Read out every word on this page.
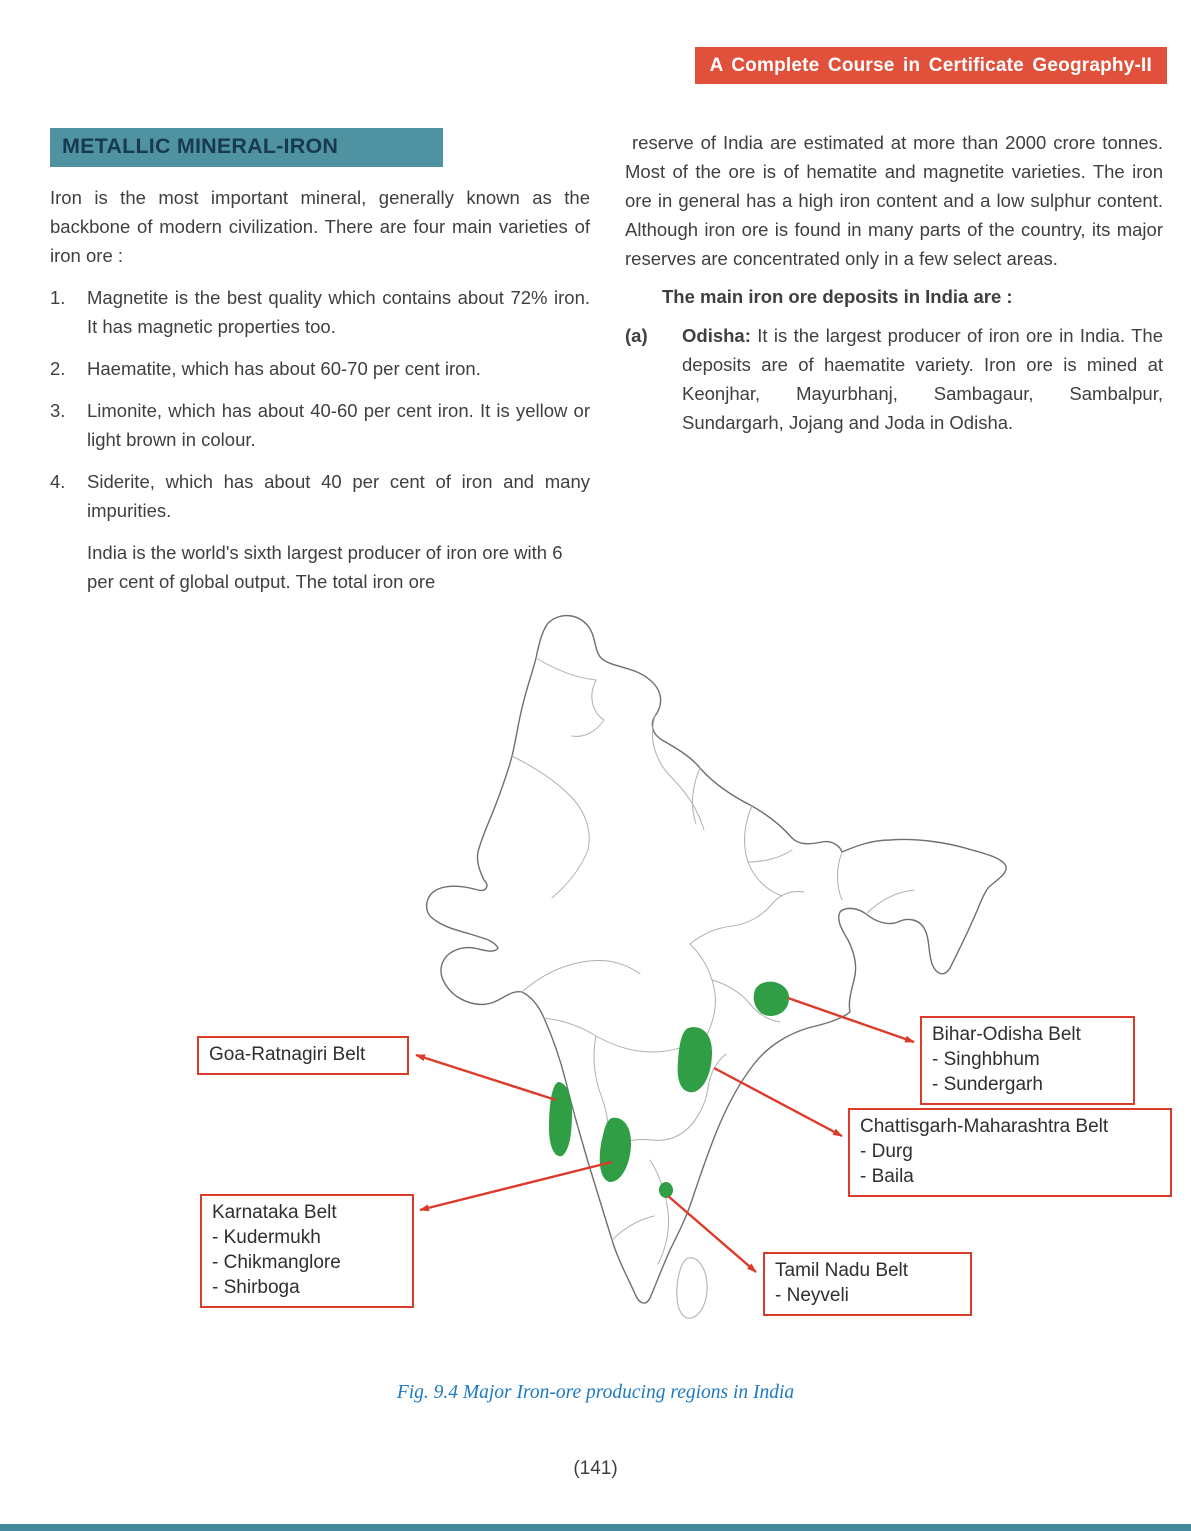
A Complete Course in Certificate Geography-II
METALLIC MINERAL-IRON

Iron is the most important mineral, generally known as the backbone of modern civilization. There are four main varieties of iron ore :

1.	Magnetite is the best quality which contains about 72% iron. It has magnetic properties too.
2.	Haematite, which has about 60-70 per cent iron.
3.	Limonite, which has about 40-60 per cent iron. It is yellow or light brown in colour.
4.	Siderite, which has about 40 per cent of iron and many impurities.

India is the world's sixth largest producer of iron ore with 6 per cent of global output. The total iron ore

reserve of India are estimated at more than 2000 crore tonnes. Most of the ore is of hematite and magnetite varieties. The iron ore in general has a high iron content and a low sulphur content. Although iron ore is found in many parts of the country, its major reserves are concentrated only in a few select areas.

The main iron ore deposits in India are :

(a)	Odisha: It is the largest producer of iron ore in India. The deposits are of haematite variety. Iron ore is mined at Keonjhar, Mayurbhanj, Sambagaur, Sambalpur, Sundargarh, Jojang and Joda in Odisha.
Goa-Ratnagiri Belt
Bihar-Odisha Belt
- Singhbhum
- Sundergarh
Chattisgarh-Maharashtra Belt
- Durg
- Baila
Karnataka Belt
- Kudermukh
- Chikmanglore
- Shirboga
Tamil Nadu Belt
- Neyveli
Fig. 9.4 Major Iron-ore producing regions in India
(141)
